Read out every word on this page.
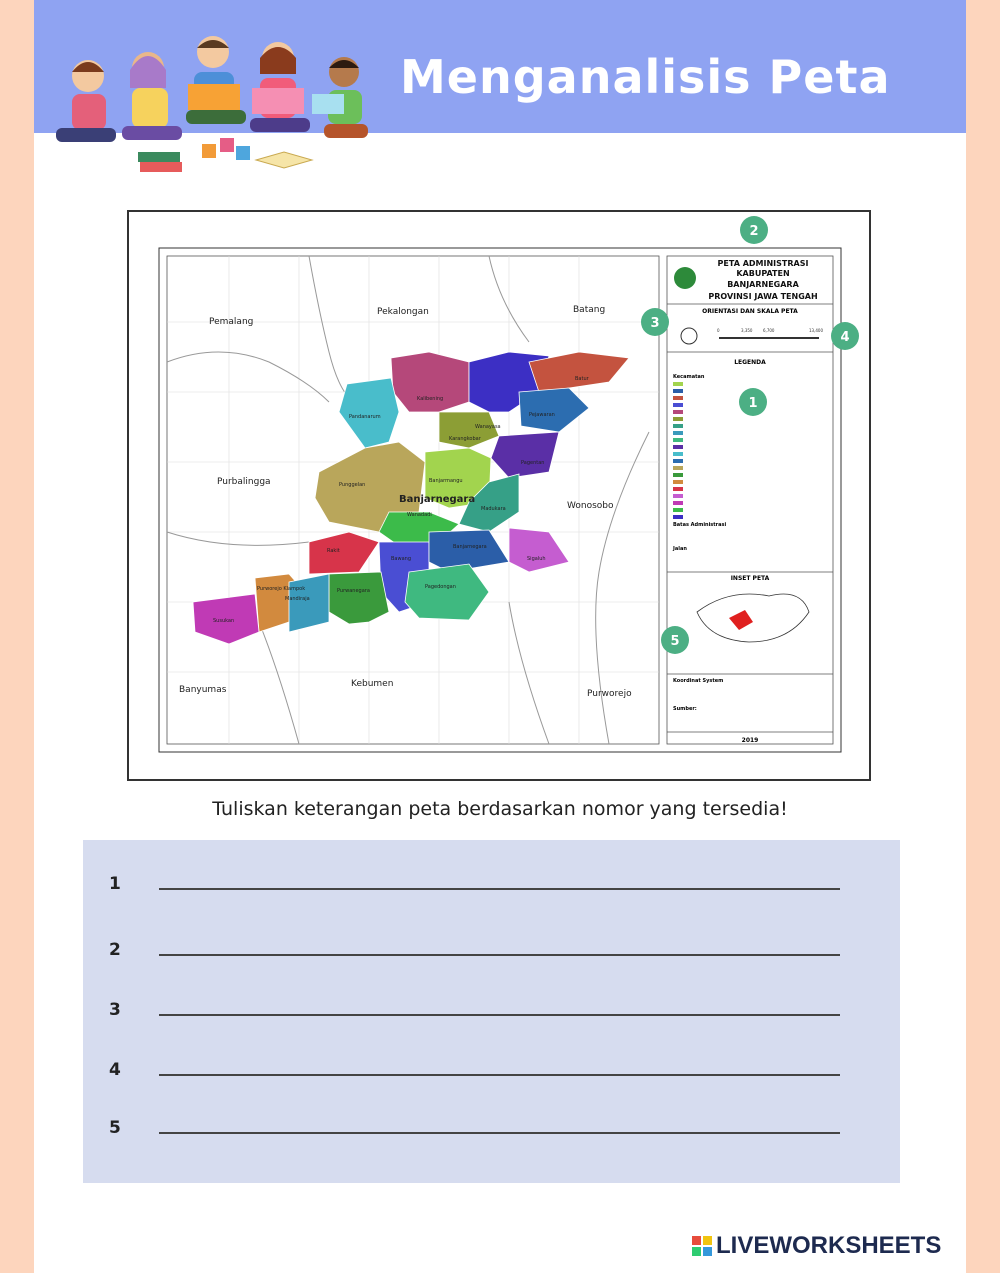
Menganalisis Peta
Pemalang
Pekalongan	Batang
Purbalingga
Wonosobo
Banyumas
Kebumen
Purworejo
Banjarnegara
Kalibening
Wanayasa
Batur
Pejawaran
Pandanarum
Karangkobar
Pagentan
Punggelan
Banjarmangu
Madukara
Wanadadi
Rakit
Bawang
Banjarnegara
Sigaluh
Purwanegara
Pagedongan
Purworejo Klampok
Mandiraja
Susukan
PETA ADMINISTRASI
KABUPATEN
BANJARNEGARA
PROVINSI JAWA TENGAH
ORIENTASI DAN SKALA PETA
0	3,350	6,700	13,400
LEGENDA
Kecamatan
Batas Administrasi
Jalan
INSET PETA
Koordinat System
Sumber:
2019
1
2
3
4
5
Tuliskan keterangan peta berdasarkan nomor yang tersedia!
1
2
3
4
5
LIVEWORKSHEETS
